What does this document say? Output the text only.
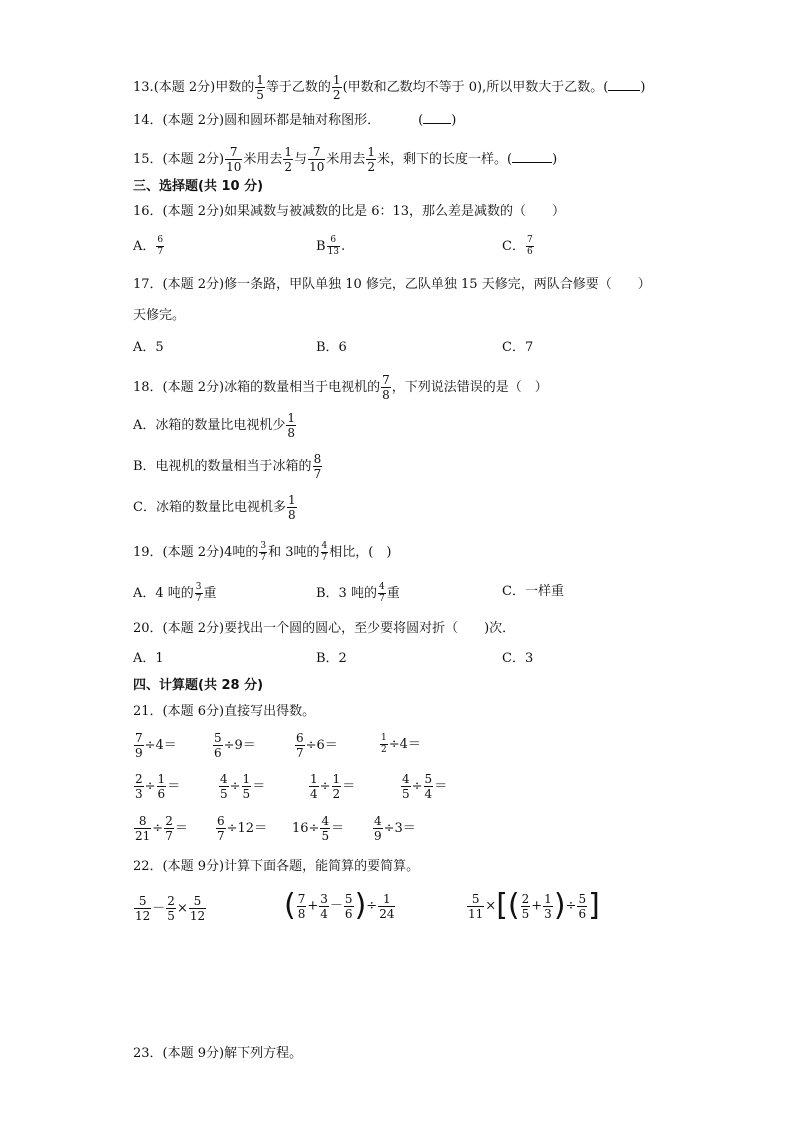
13.(本题 2分)甲数的 $\frac{1}{5}$ 等于乙数的 $\frac{1}{2}$ (甲数和乙数均不等于 0),所以甲数大于乙数。( )
14．(本题 2分)圆和圆环都是轴对称图形．	( )
15．(本题 2分) $\frac{7}{10}$ 米用去 $\frac{1}{2}$ 与 $\frac{7}{10}$ 米用去 $\frac{1}{2}$ 米，剩下的长度一样。(	)
三、选择题(共 10 分)
16．(本题 2分)如果减数与被减数的比是 6：13，那么差是减数的（　　）
A． $\frac{6}{7}$	B $\frac{6}{13}$ .	C． $\frac{7}{6}$
17．(本题 2分)修一条路，甲队单独 10 修完，乙队单独 15 天修完，两队合修要（　　）
天修完。
A．5	B．6	C．7
18．(本题 2分)冰箱的数量相当于电视机的 $\frac{7}{8}$ ，下列说法错误的是（　）
A．冰箱的数量比电视机少 $\frac{1}{8}$
B．电视机的数量相当于冰箱的 $\frac{8}{7}$
C．冰箱的数量比电视机多 $\frac{1}{8}$
19．(本题 2分)4吨的 $\frac{3}{7}$ 和 3吨的 $\frac{4}{7}$ 相比，(　)
A．4 吨的 $\frac{3}{7}$ 重	B．3 吨的 $\frac{4}{7}$ 重	C．一样重
20．(本题 2分)要找出一个圆的圆心，至少要将圆对折（　　)次．
A．1	B．2	C．3
四、计算题(共 28 分)
21．(本题 6分)直接写出得数。
$\frac{7}{9} \div 4=$	$\frac{5}{6} \div 9=$	$\frac{6}{7} \div 6=$	$\frac{1}{2} \div 4=$
$\frac{2}{3} \div \frac{1}{6}$ ＝	$\frac{4}{5} \div \frac{1}{5}$ ＝	$\frac{1}{4} \div \frac{1}{2}$ ＝	$\frac{4}{5} \div \frac{5}{4}$ ＝
$\frac{8}{21} \div \frac{2}{7} = \frac{6}{7} \div 12= 16\div \frac{4}{5} = \frac{4}{9} \div 3=$
22．(本题 9分)计算下面各题，能简算的要简算。
$\frac{5}{12} - \frac{2}{5} \times \frac{5}{12}$	( $\frac{7}{8} + \frac{3}{4} - \frac{5}{6}$ )÷ $\frac{1}{24}$	$\frac{5}{11}$ ×[( $\frac{2}{5} + \frac{1}{3}$ )÷ $\frac{5}{6}$ ]
23．(本题 9分)解下列方程。
